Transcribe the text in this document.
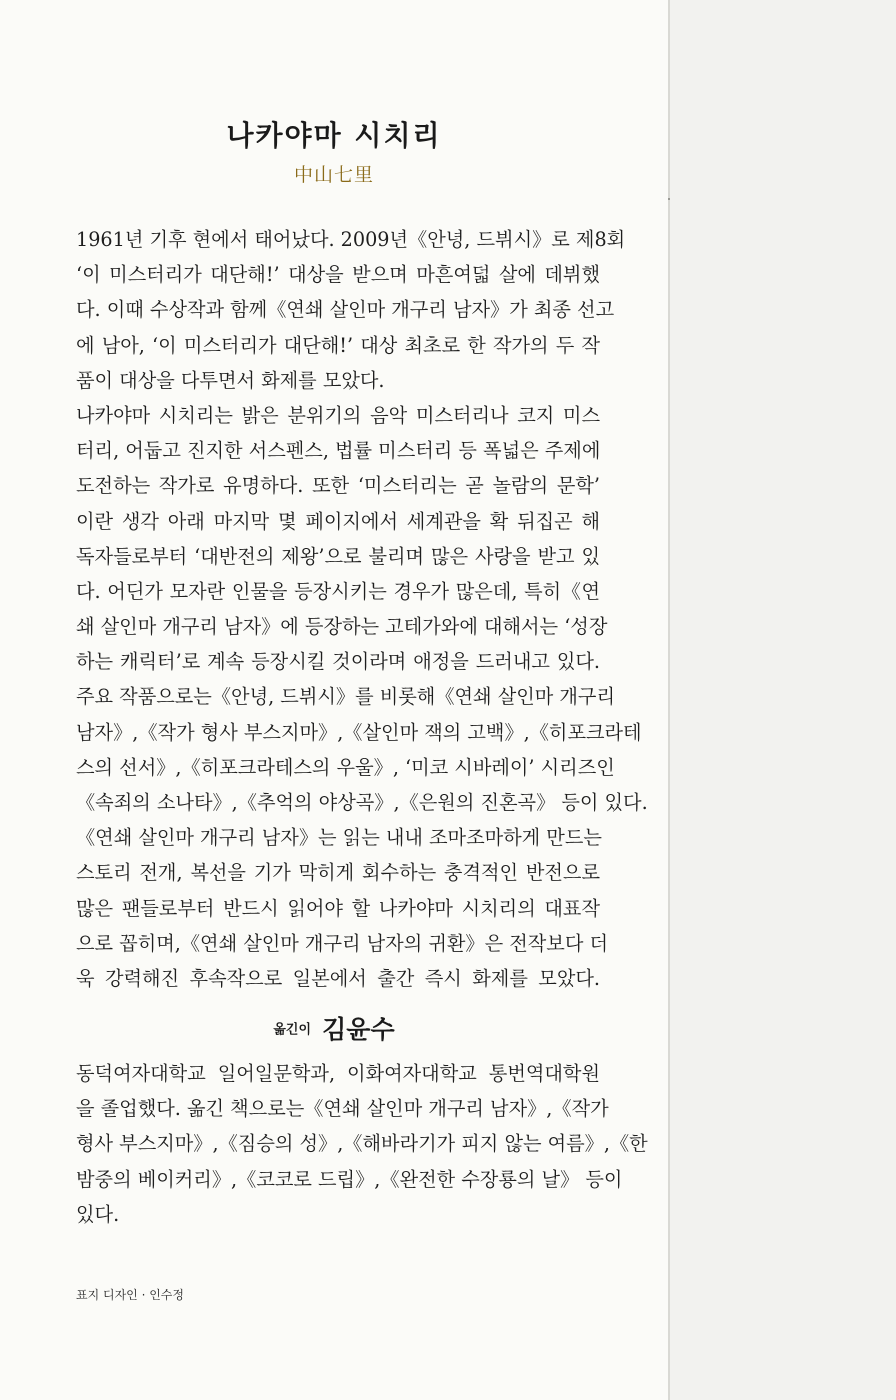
나카야마 시치리
中山七里
1961년 기후 현에서 태어났다. 2009년《안녕, 드뷔시》로 제8회
‘이 미스터리가 대단해!’ 대상을 받으며 마흔여덟 살에 데뷔했
다. 이때 수상작과 함께《연쇄 살인마 개구리 남자》가 최종 선고
에 남아, ‘이 미스터리가 대단해!’ 대상 최초로 한 작가의 두 작
품이 대상을 다투면서 화제를 모았다.
나카야마 시치리는 밝은 분위기의 음악 미스터리나 코지 미스
터리, 어둡고 진지한 서스펜스, 법률 미스터리 등 폭넓은 주제에
도전하는 작가로 유명하다. 또한 ‘미스터리는 곧 놀람의 문학’
이란 생각 아래 마지막 몇 페이지에서 세계관을 확 뒤집곤 해
독자들로부터 ‘대반전의 제왕’으로 불리며 많은 사랑을 받고 있
다. 어딘가 모자란 인물을 등장시키는 경우가 많은데, 특히《연
쇄 살인마 개구리 남자》에 등장하는 고테가와에 대해서는 ‘성장
하는 캐릭터’로 계속 등장시킬 것이라며 애정을 드러내고 있다.
주요 작품으로는《안녕, 드뷔시》를 비롯해《연쇄 살인마 개구리
남자》,《작가 형사 부스지마》,《살인마 잭의 고백》,《히포크라테
스의 선서》,《히포크라테스의 우울》, ‘미코 시바레이’ 시리즈인
《속죄의 소나타》,《추억의 야상곡》,《은원의 진혼곡》 등이 있다.
《연쇄 살인마 개구리 남자》는 읽는 내내 조마조마하게 만드는
스토리 전개, 복선을 기가 막히게 회수하는 충격적인 반전으로
많은 팬들로부터 반드시 읽어야 할 나카야마 시치리의 대표작
으로 꼽히며,《연쇄 살인마 개구리 남자의 귀환》은 전작보다 더
욱 강력해진 후속작으로 일본에서 출간 즉시 화제를 모았다.
옮긴이 김윤수
동덕여자대학교 일어일문학과, 이화여자대학교 통번역대학원
을 졸업했다. 옮긴 책으로는《연쇄 살인마 개구리 남자》,《작가
형사 부스지마》,《짐승의 성》,《해바라기가 피지 않는 여름》,《한
밤중의 베이커리》,《코코로 드립》,《완전한 수장룡의 날》 등이
있다.
표지 디자인 · 인수정
